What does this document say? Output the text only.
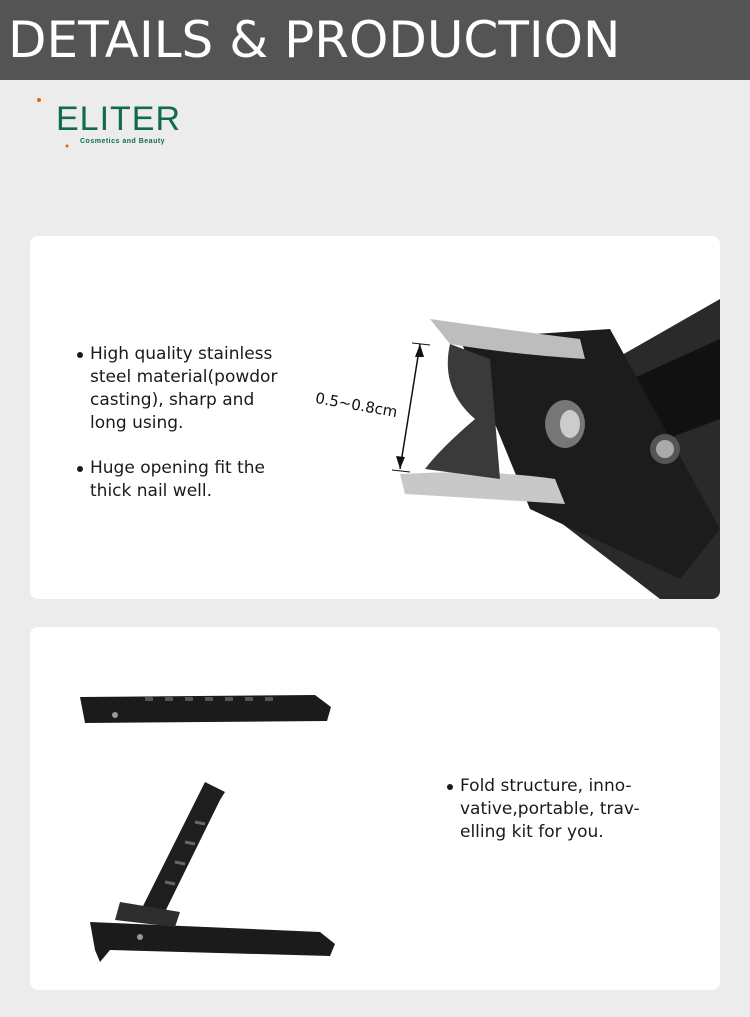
DETAILS & PRODUCTION
ELITER
Cosmetics and Beauty
High quality stainless steel material(powdor casting), sharp and long using.
Huge opening fit the thick nail well.
0.5~0.8cm
Fold structure, inno-vative,portable, trav-elling kit for you.
